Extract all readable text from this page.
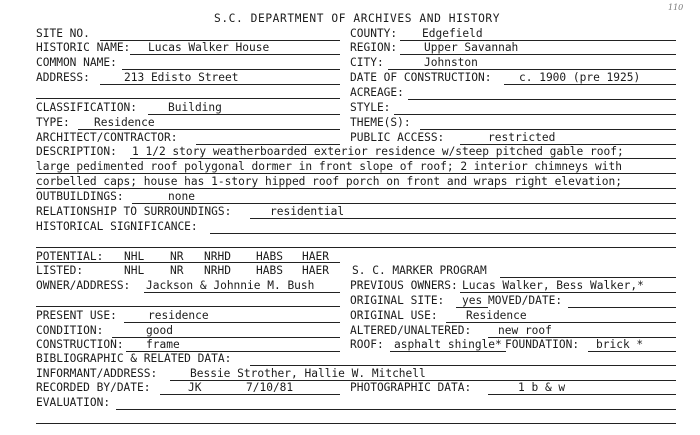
110
S.C. DEPARTMENT OF ARCHIVES AND HISTORY
SITE NO.	COUNTY: Edgefield
HISTORIC NAME: Lucas Walker House	REGION: Upper Savannah
COMMON NAME:	CITY:	Johnston
ADDRESS:	213 Edisto Street	DATE OF CONSTRUCTION: c. 1900 (pre 1925)
ACREAGE:
CLASSIFICATION:	Building	STYLE:
TYPE: Residence	THEME(S):
ARCHITECT/CONTRACTOR:	PUBLIC ACCESS:	restricted
DESCRIPTION: 1 1/2 story weatherboarded exterior residence w/steep pitched gable roof;
large pedimented roof polygonal dormer in front slope of roof; 2 interior chimneys with
corbelled caps; house has 1-story hipped roof porch on front and wraps right elevation;
OUTBUILDINGS:	none
RELATIONSHIP TO SURROUNDINGS:	residential
HISTORICAL SIGNIFICANCE:
POTENTIAL: NHL NR NRHD HABS HAER
LISTED:	NHL NR NRHD HABS HAER S. C. MARKER PROGRAM
OWNER/ADDRESS: Jackson & Johnnie M. Bush	PREVIOUS OWNERS: Lucas Walker, Bess Walker,*
ORIGINAL SITE: yes MOVED/DATE:
PRESENT USE:	residence	ORIGINAL USE:	Residence
CONDITION:	good	ALTERED/UNALTERED: new roof
CONSTRUCTION: frame	ROOF: asphalt shingle* FOUNDATION: brick *
BIBLIOGRAPHIC & RELATED DATA:
INFORMANT/ADDRESS:	Bessie Strother, Hallie W. Mitchell
RECORDED BY/DATE:	JK	7/10/81	PHOTOGRAPHIC DATA:	1 b & w
EVALUATION:
